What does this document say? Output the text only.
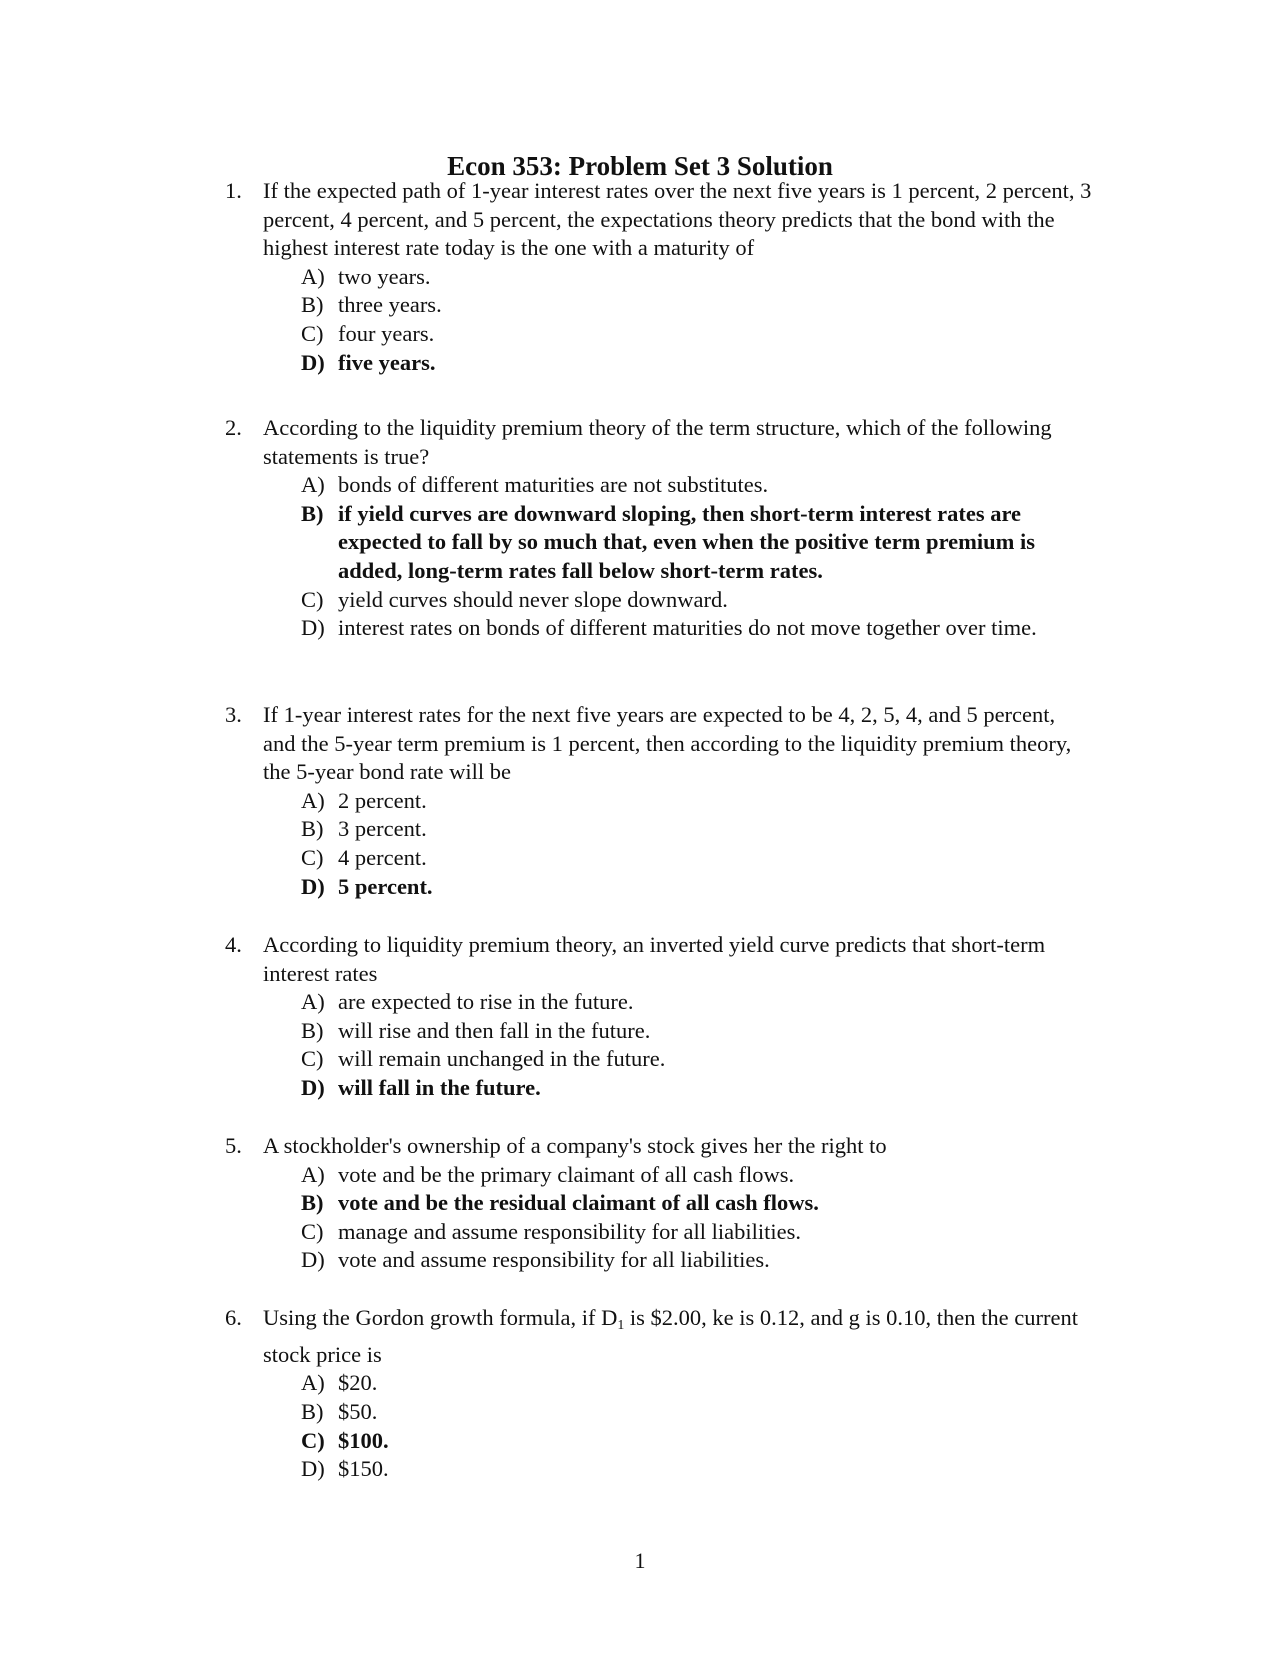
Econ 353: Problem Set 3 Solution
1. If the expected path of 1-year interest rates over the next five years is 1 percent, 2 percent, 3 percent, 4 percent, and 5 percent, the expectations theory predicts that the bond with the highest interest rate today is the one with a maturity of
A) two years.
B) three years.
C) four years.
D) five years.
2. According to the liquidity premium theory of the term structure, which of the following statements is true?
A) bonds of different maturities are not substitutes.
B) if yield curves are downward sloping, then short-term interest rates are expected to fall by so much that, even when the positive term premium is added, long-term rates fall below short-term rates.
C) yield curves should never slope downward.
D) interest rates on bonds of different maturities do not move together over time.
3. If 1-year interest rates for the next five years are expected to be 4, 2, 5, 4, and 5 percent, and the 5-year term premium is 1 percent, then according to the liquidity premium theory, the 5-year bond rate will be
A) 2 percent.
B) 3 percent.
C) 4 percent.
D) 5 percent.
4. According to liquidity premium theory, an inverted yield curve predicts that short-term interest rates
A) are expected to rise in the future.
B) will rise and then fall in the future.
C) will remain unchanged in the future.
D) will fall in the future.
5. A stockholder's ownership of a company's stock gives her the right to
A) vote and be the primary claimant of all cash flows.
B) vote and be the residual claimant of all cash flows.
C) manage and assume responsibility for all liabilities.
D) vote and assume responsibility for all liabilities.
6. Using the Gordon growth formula, if $D_1$ is $2.00, ke is 0.12, and g is 0.10, then the current stock price is
A) $20.
B) $50.
C) $100.
D) $150.
1
